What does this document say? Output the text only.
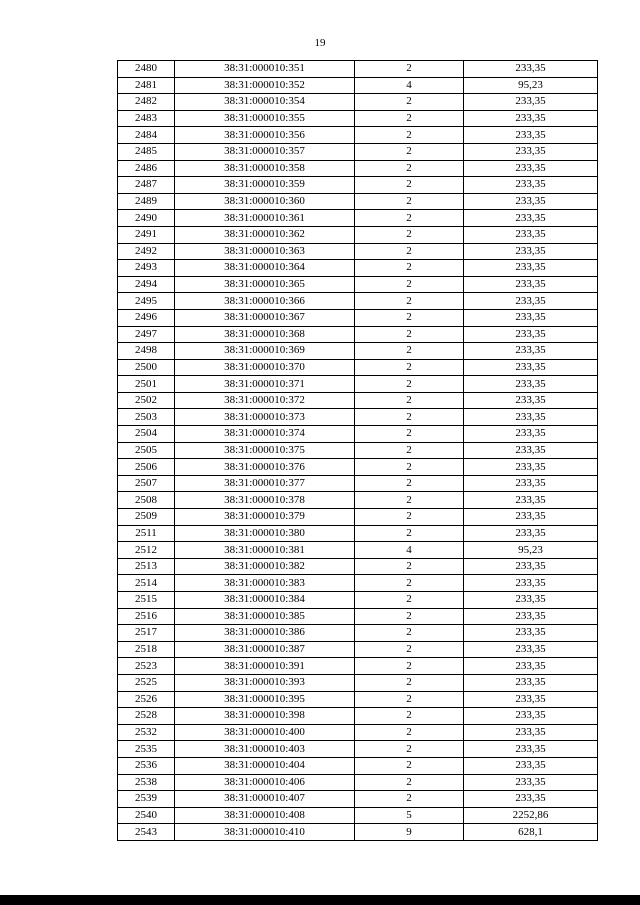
19
2480	38:31:000010:351	2	233,35
2481	38:31:000010:352	4	95,23
2482	38:31:000010:354	2	233,35
2483	38:31:000010:355	2	233,35
2484	38:31:000010:356	2	233,35
2485	38:31:000010:357	2	233,35
2486	38:31:000010:358	2	233,35
2487	38:31:000010:359	2	233,35
2489	38:31:000010:360	2	233,35
2490	38:31:000010:361	2	233,35
2491	38:31:000010:362	2	233,35
2492	38:31:000010:363	2	233,35
2493	38:31:000010:364	2	233,35
2494	38:31:000010:365	2	233,35
2495	38:31:000010:366	2	233,35
2496	38:31:000010:367	2	233,35
2497	38:31:000010:368	2	233,35
2498	38:31:000010:369	2	233,35
2500	38:31:000010:370	2	233,35
2501	38:31:000010:371	2	233,35
2502	38:31:000010:372	2	233,35
2503	38:31:000010:373	2	233,35
2504	38:31:000010:374	2	233,35
2505	38:31:000010:375	2	233,35
2506	38:31:000010:376	2	233,35
2507	38:31:000010:377	2	233,35
2508	38:31:000010:378	2	233,35
2509	38:31:000010:379	2	233,35
2511	38:31:000010:380	2	233,35
2512	38:31:000010:381	4	95,23
2513	38:31:000010:382	2	233,35
2514	38:31:000010:383	2	233,35
2515	38:31:000010:384	2	233,35
2516	38:31:000010:385	2	233,35
2517	38:31:000010:386	2	233,35
2518	38:31:000010:387	2	233,35
2523	38:31:000010:391	2	233,35
2525	38:31:000010:393	2	233,35
2526	38:31:000010:395	2	233,35
2528	38:31:000010:398	2	233,35
2532	38:31:000010:400	2	233,35
2535	38:31:000010:403	2	233,35
2536	38:31:000010:404	2	233,35
2538	38:31:000010:406	2	233,35
2539	38:31:000010:407	2	233,35
2540	38:31:000010:408	5	2252,86
2543	38:31:000010:410	9	628,1
